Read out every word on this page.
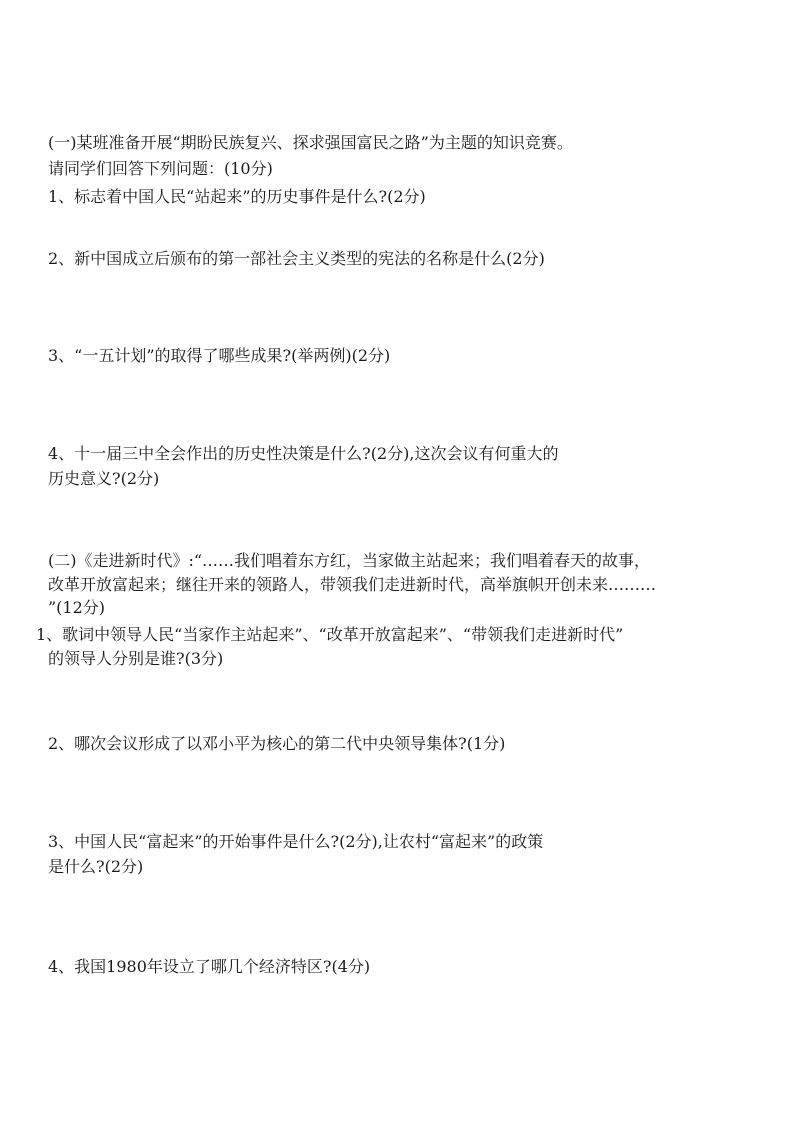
(一)某班准备开展“期盼民族复兴、探求强国富民之路”为主题的知识竞赛。
请同学们回答下列问题：(10分)
1、标志着中国人民“站起来”的历史事件是什么?(2分)
2、新中国成立后颁布的第一部社会主义类型的宪法的名称是什么(2分)
3、“一五计划”的取得了哪些成果?(举两例)(2分)
4、十一届三中全会作出的历史性决策是什么?(2分),这次会议有何重大的
历史意义?(2分)
(二)《走进新时代》:“……我们唱着东方红，当家做主站起来；我们唱着春天的故事，
改革开放富起来；继往开来的领路人，带领我们走进新时代，高举旗帜开创未来………
”(12分)
1、歌词中领导人民“当家作主站起来”、“改革开放富起来”、“带领我们走进新时代”
的领导人分别是谁?(3分)
2、哪次会议形成了以邓小平为核心的第二代中央领导集体?(1分)
3、中国人民“富起来”的开始事件是什么?(2分),让农村“富起来”的政策
是什么?(2分)
4、我国1980年设立了哪几个经济特区?(4分)
